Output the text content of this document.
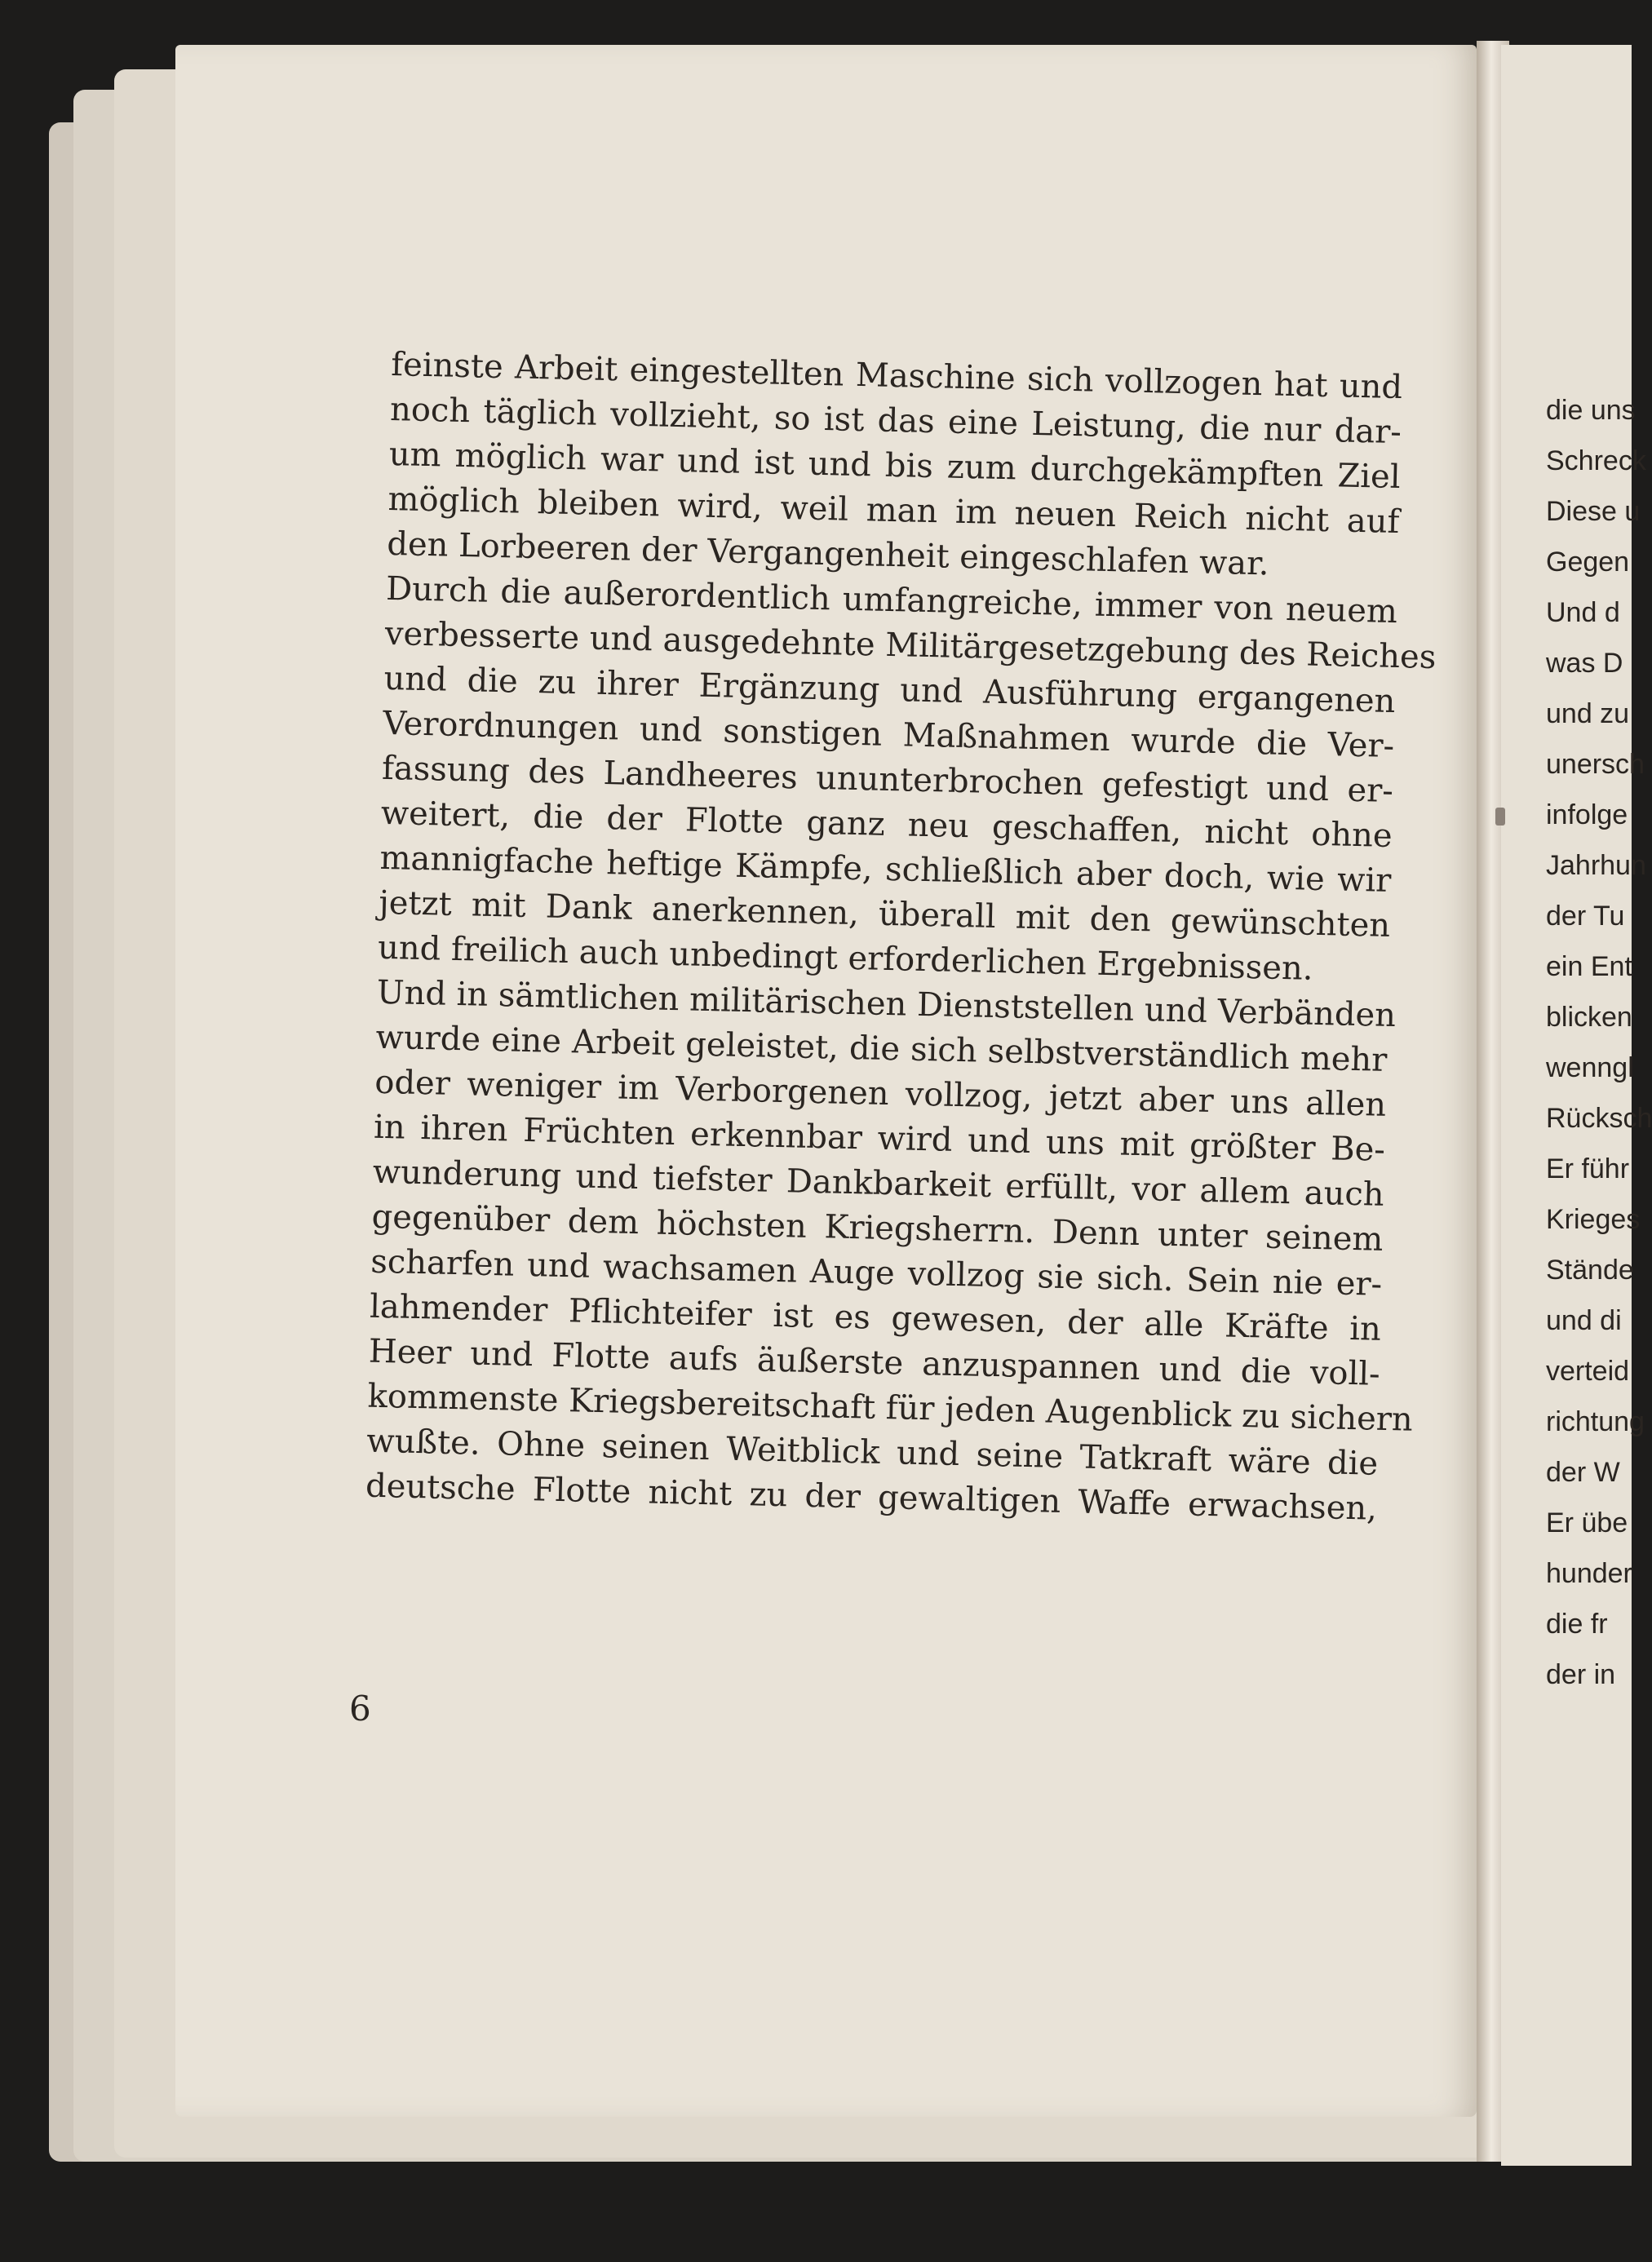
feinste Arbeit eingestellten Maschine sich vollzogen hat und
noch täglich vollzieht, so ist das eine Leistung, die nur dar-
um möglich war und ist und bis zum durchgekämpften Ziel
möglich bleiben wird, weil man im neuen Reich nicht auf
den Lorbeeren der Vergangenheit eingeschlafen war.
Durch die außerordentlich umfangreiche, immer von neuem
verbesserte und ausgedehnte Militärgesetzgebung des Reiches
und die zu ihrer Ergänzung und Ausführung ergangenen
Verordnungen und sonstigen Maßnahmen wurde die Ver-
fassung des Landheeres ununterbrochen gefestigt und er-
weitert, die der Flotte ganz neu geschaffen, nicht ohne
mannigfache heftige Kämpfe, schließlich aber doch, wie wir
jetzt mit Dank anerkennen, überall mit den gewünschten
und freilich auch unbedingt erforderlichen Ergebnissen.
Und in sämtlichen militärischen Dienststellen und Verbänden
wurde eine Arbeit geleistet, die sich selbstverständlich mehr
oder weniger im Verborgenen vollzog, jetzt aber uns allen
in ihren Früchten erkennbar wird und uns mit größter Be-
wunderung und tiefster Dankbarkeit erfüllt, vor allem auch
gegenüber dem höchsten Kriegsherrn. Denn unter seinem
scharfen und wachsamen Auge vollzog sie sich. Sein nie er-
lahmender Pflichteifer ist es gewesen, der alle Kräfte in
Heer und Flotte aufs äußerste anzuspannen und die voll-
kommenste Kriegsbereitschaft für jeden Augenblick zu sichern
wußte. Ohne seinen Weitblick und seine Tatkraft wäre die
deutsche Flotte nicht zu der gewaltigen Waffe erwachsen,
6
die uns
Schreck
Diese u
Gegen
Und d
was D
und zu
unersch
infolge
Jahrhun
der Tu
ein Ent
blicken
wenngl
Rücksch
Er führ
Krieges
Stände
und di
verteid
richtung
der W
Er übe
hunder
die fr
der in
